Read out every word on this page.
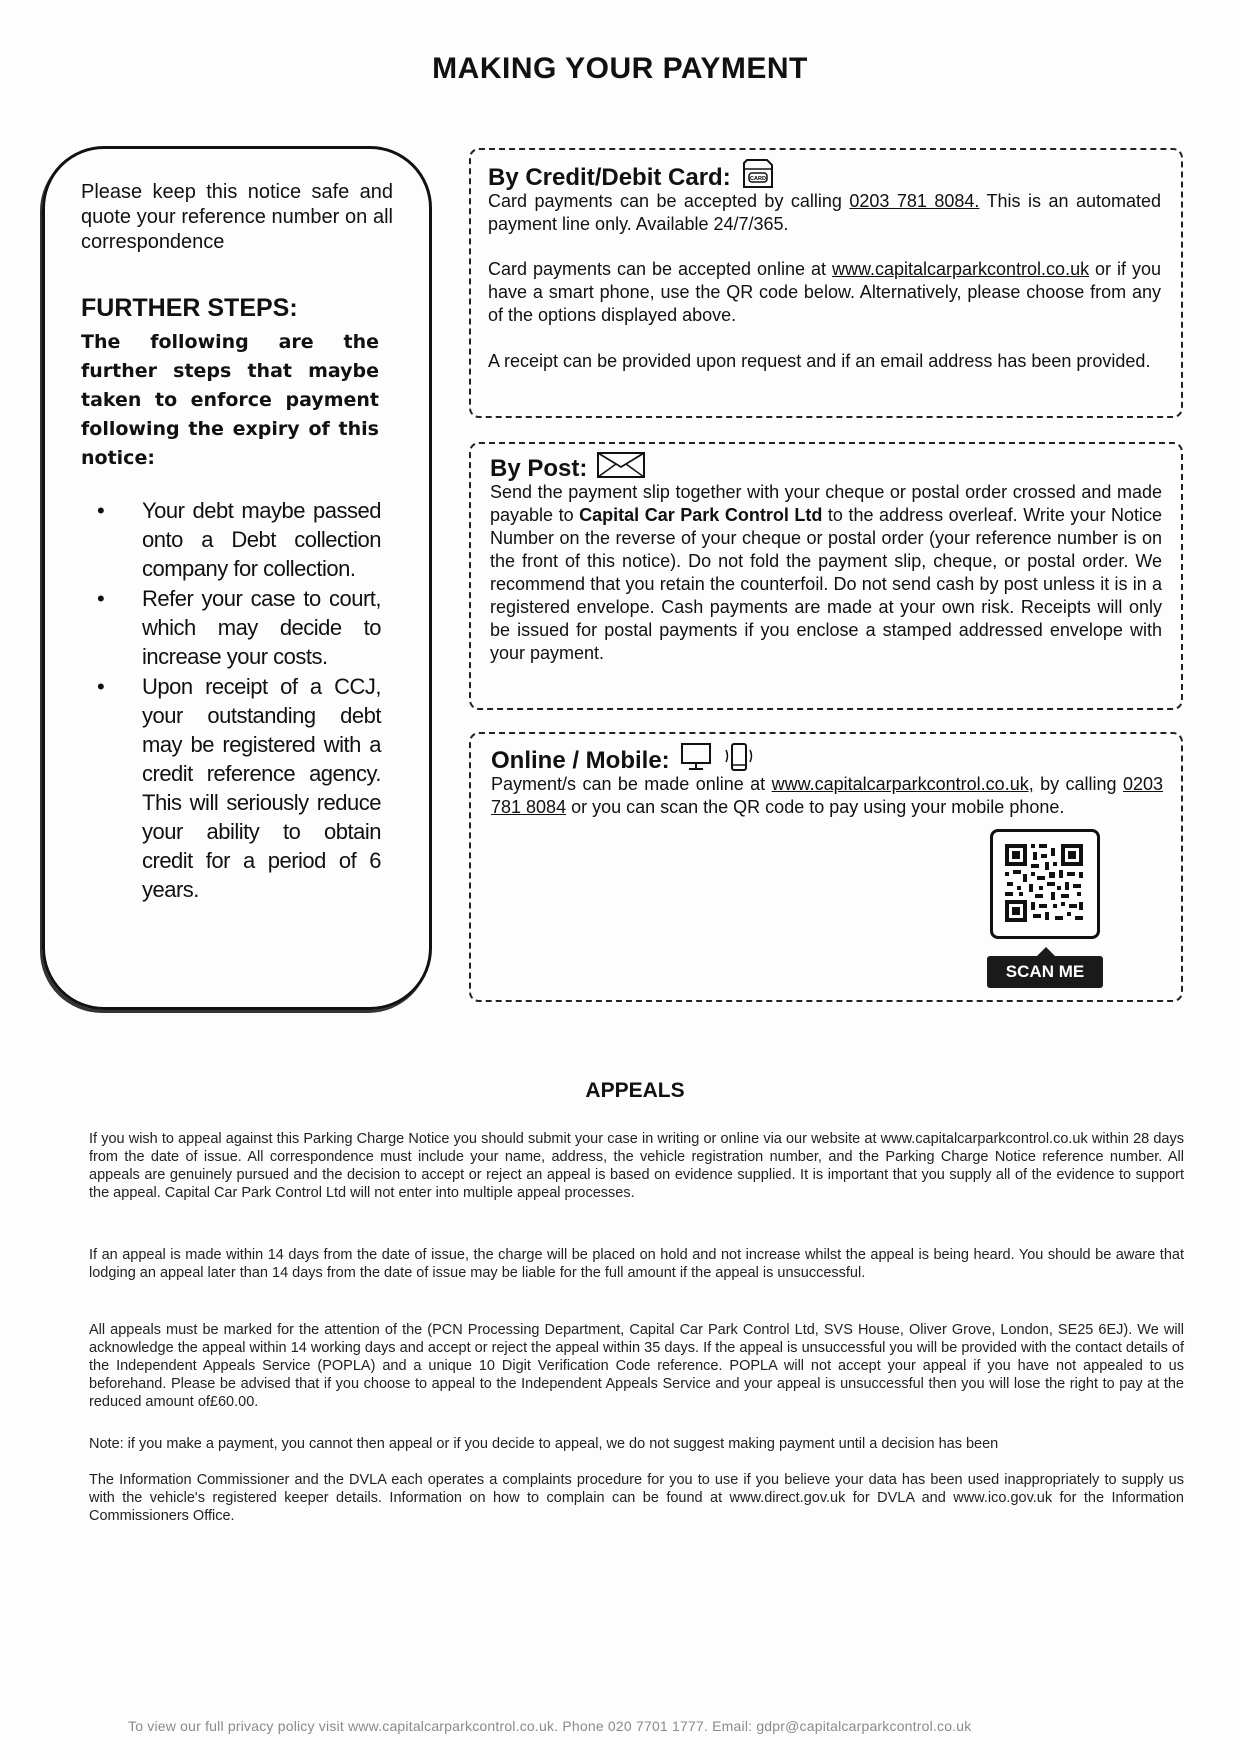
MAKING YOUR PAYMENT
Please keep this notice safe and quote your reference number on all correspondence
FURTHER STEPS:
The following are the further steps that maybe taken to enforce payment following the expiry of this notice:
• Your debt maybe passed onto a Debt collection company for collection.
• Refer your case to court, which may decide to increase your costs.
• Upon receipt of a CCJ, your outstanding debt may be registered with a credit reference agency. This will seriously reduce your ability to obtain credit for a period of 6 years.
By Credit/Debit Card:	CARD
Card payments can be accepted by calling 0203 781 8084. This is an automated payment line only. Available 24/7/365.
Card payments can be accepted online at www.capitalcarparkcontrol.co.uk or if you have a smart phone, use the QR code below. Alternatively, please choose from any of the options displayed above.
A receipt can be provided upon request and if an email address has been provided.
By Post:
Send the payment slip together with your cheque or postal order crossed and made payable to Capital Car Park Control Ltd to the address overleaf. Write your Notice Number on the reverse of your cheque or postal order (your reference number is on the front of this notice). Do not fold the payment slip, cheque, or postal order. We recommend that you retain the counterfoil. Do not send cash by post unless it is in a registered envelope. Cash payments are made at your own risk. Receipts will only be issued for postal payments if you enclose a stamped addressed envelope with your payment.
Online / Mobile:
Payment/s can be made online at www.capitalcarparkcontrol.co.uk, by calling 0203 781 8084 or you can scan the QR code to pay using your mobile phone.
SCAN ME
APPEALS
If you wish to appeal against this Parking Charge Notice you should submit your case in writing or online via our website at www.capitalcarparkcontrol.co.uk within 28 days from the date of issue. All correspondence must include your name, address, the vehicle registration number, and the Parking Charge Notice reference number. All appeals are genuinely pursued and the decision to accept or reject an appeal is based on evidence supplied. It is important that you supply all of the evidence to support the appeal. Capital Car Park Control Ltd will not enter into multiple appeal processes.
If an appeal is made within 14 days from the date of issue, the charge will be placed on hold and not increase whilst the appeal is being heard. You should be aware that lodging an appeal later than 14 days from the date of issue may be liable for the full amount if the appeal is unsuccessful.
All appeals must be marked for the attention of the (PCN Processing Department, Capital Car Park Control Ltd, SVS House, Oliver Grove, London, SE25 6EJ). We will acknowledge the appeal within 14 working days and accept or reject the appeal within 35 days. If the appeal is unsuccessful you will be provided with the contact details of the Independent Appeals Service (POPLA) and a unique 10 Digit Verification Code reference. POPLA will not accept your appeal if you have not appealed to us beforehand. Please be advised that if you choose to appeal to the Independent Appeals Service and your appeal is unsuccessful then you will lose the right to pay at the reduced amount of£60.00.
Note: if you make a payment, you cannot then appeal or if you decide to appeal, we do not suggest making payment until a decision has been
The Information Commissioner and the DVLA each operates a complaints procedure for you to use if you believe your data has been used inappropriately to supply us with the vehicle's registered keeper details. Information on how to complain can be found at www.direct.gov.uk for DVLA and www.ico.gov.uk for the Information Commissioners Office.
To view our full privacy policy visit www.capitalcarparkcontrol.co.uk. Phone 020 7701 1777. Email: gdpr@capitalcarparkcontrol.co.uk
